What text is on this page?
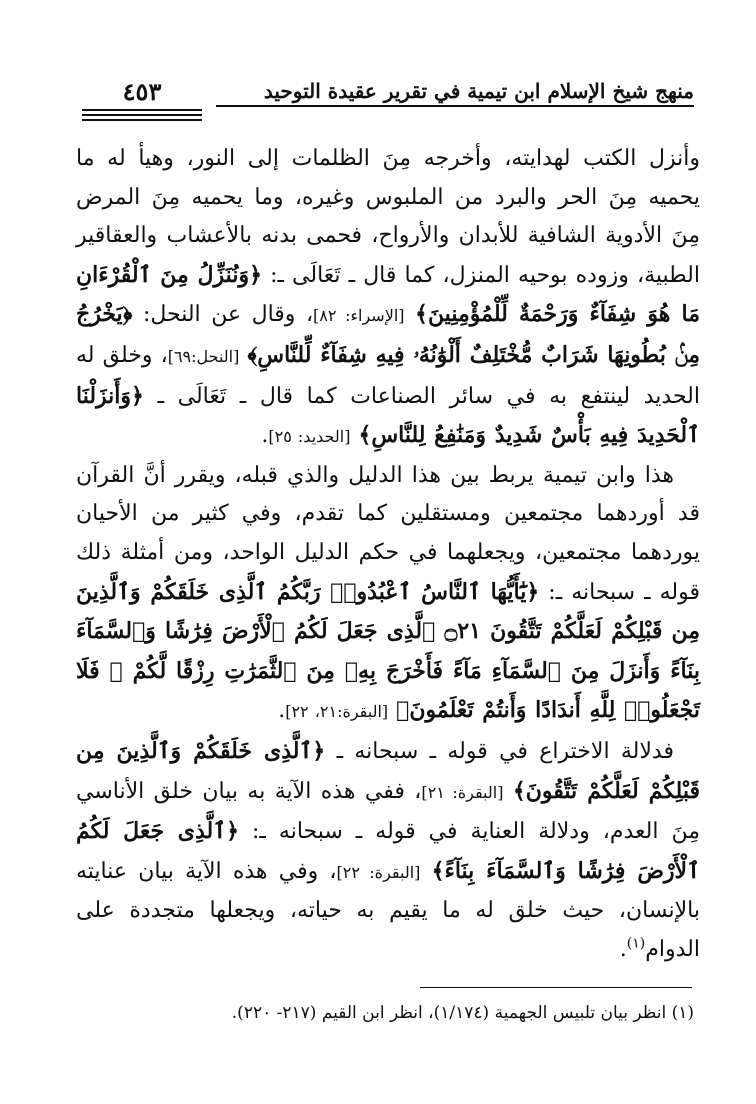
٤٥٣	منهج شيخ الإسلام ابن تيمية في تقرير عقيدة التوحيد

وأنزل الكتب لهدايته، وأخرجه مِنَ الظلمات إلى النور، وهيأ له ما يحميه مِنَ الحر والبرد من الملبوس وغيره، وما يحميه مِنَ المرض مِنَ الأدوية الشافية للأبدان والأرواح، فحمى بدنه بالأعشاب والعقاقير الطبية، وزوده بوحيه المنزل، كما قال ـ تَعَالَى ـ: ﴿وَنُنَزِّلُ مِنَ ٱلْقُرْءَانِ مَا هُوَ شِفَآءٌ وَرَحْمَةٌ لِّلْمُؤْمِنِينَ﴾ [الإسراء: ٨٢]، وقال عن النحل: ﴿يَخْرُجُ مِنۢ بُطُونِهَا شَرَابٌ مُّخْتَلِفٌ أَلْوَٰنُهُۥ فِيهِ شِفَآءٌ لِّلنَّاسِ﴾ [النحل:٦٩]، وخلق له الحديد لينتفع به في سائر الصناعات كما قال ـ تَعَالَى ـ ﴿وَأَنزَلْنَا ٱلْحَدِيدَ فِيهِ بَأْسٌ شَدِيدٌ وَمَنَٰفِعُ لِلنَّاسِ﴾ [الحديد: ٢٥].

هذا وابن تيمية يربط بين هذا الدليل والذي قبله، ويقرر أنَّ القرآن قد أوردهما مجتمعين ومستقلين كما تقدم، وفي كثير من الأحيان يوردهما مجتمعين، ويجعلهما في حكم الدليل الواحد، ومن أمثلة ذلك قوله ـ سبحانه ـ: ﴿يَٰٓأَيُّهَا ٱلنَّاسُ ٱعْبُدُوا۟ رَبَّكُمُ ٱلَّذِى خَلَقَكُمْ وَٱلَّذِينَ مِن قَبْلِكُمْ لَعَلَّكُمْ تَتَّقُونَ ۝٢١ ٱلَّذِى جَعَلَ لَكُمُ ٱلْأَرْضَ فِرَٰشًا وَٱلسَّمَآءَ بِنَآءً وَأَنزَلَ مِنَ ٱلسَّمَآءِ مَآءً فَأَخْرَجَ بِهِۦ مِنَ ٱلثَّمَرَٰتِ رِزْقًا لَّكُمْ ۖ فَلَا تَجْعَلُوا۟ لِلَّهِ أَندَادًا وَأَنتُمْ تَعْلَمُونَ﴾ [البقرة:٢١، ٢٢].

فدلالة الاختراع في قوله ـ سبحانه ـ ﴿ٱلَّذِى خَلَقَكُمْ وَٱلَّذِينَ مِن قَبْلِكُمْ لَعَلَّكُمْ تَتَّقُونَ﴾ [البقرة: ٢١]، ففي هذه الآية به بيان خلق الأناسي مِنَ العدم، ودلالة العناية في قوله ـ سبحانه ـ: ﴿ٱلَّذِى جَعَلَ لَكُمُ ٱلْأَرْضَ فِرَٰشًا وَٱلسَّمَآءَ بِنَآءً﴾ [البقرة: ٢٢]، وفي هذه الآية بيان عنايته بالإنسان، حيث خلق له ما يقيم به حياته، ويجعلها متجددة على الدوام$^{(١)}$.

(١) انظر بيان تلبيس الجهمية (١/١٧٤)، انظر ابن القيم (٢١٧- ٢٢٠).
